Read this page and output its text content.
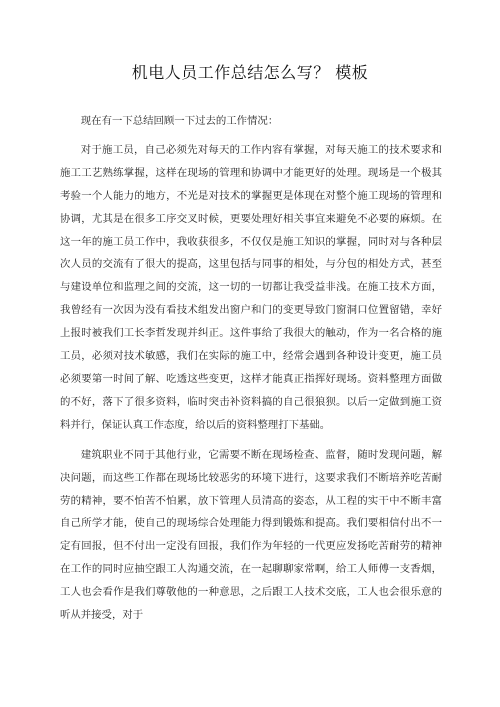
机电人员工作总结怎么写？ 模板

现在有一下总结回顾一下过去的工作情况：

对于施工员，自己必须先对每天的工作内容有掌握，对每天施工的技术要求和施工工艺熟练掌握，这样在现场的管理和协调中才能更好的处理。现场是一个极其考验一个人能力的地方，不光是对技术的掌握更是体现在对整个施工现场的管理和协调，尤其是在很多工序交叉时候，更要处理好相关事宜来避免不必要的麻烦。在这一年的施工员工作中，我收获很多，不仅仅是施工知识的掌握，同时对与各种层次人员的交流有了很大的提高，这里包括与同事的相处，与分包的相处方式，甚至与建设单位和监理之间的交流，这一切的一切都让我受益非浅。在施工技术方面，我曾经有一次因为没有看技术组发出窗户和门的变更导致门窗洞口位置留错，幸好上报时被我们工长李哲发现并纠正。这件事给了我很大的触动，作为一名合格的施工员，必须对技术敏感，我们在实际的施工中，经常会遇到各种设计变更，施工员必须要第一时间了解、吃透这些变更，这样才能真正指挥好现场。资料整理方面做的不好，落下了很多资料，临时突击补资料搞的自己很狼狈。以后一定做到施工资料并行，保证认真工作态度，给以后的资料整理打下基础。

建筑职业不同于其他行业，它需要不断在现场检查、监督，随时发现问题，解决问题，而这些工作都在现场比较恶劣的环境下进行，这要求我们不断培养吃苦耐劳的精神，要不怕苦不怕累，放下管理人员清高的姿态，从工程的实干中不断丰富自己所学才能，使自己的现场综合处理能力得到锻炼和提高。我们要相信付出不一定有回报，但不付出一定没有回报，我们作为年轻的一代更应发扬吃苦耐劳的精神在工作的同时应抽空跟工人沟通交流，在一起聊聊家常啊，给工人师傅一支香烟，工人也会看作是我们尊敬他的一种意思，之后跟工人技术交底，工人也会很乐意的听从并接受，对于
